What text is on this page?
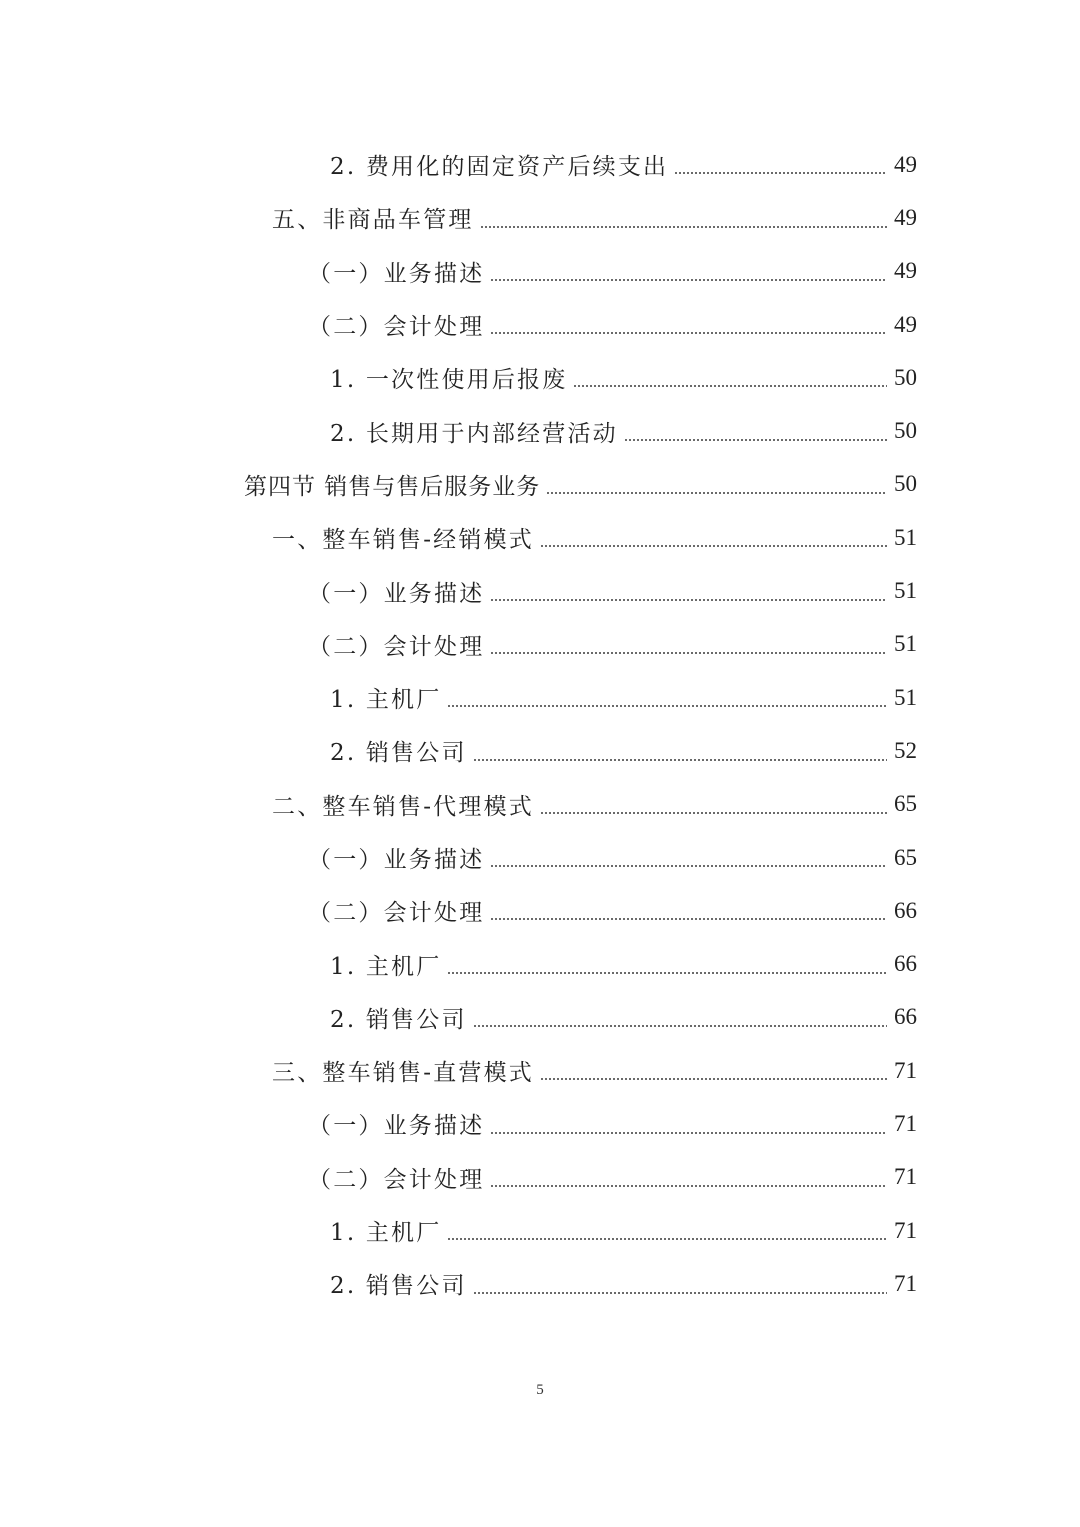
2. 费用化的固定资产后续支出	49
五、非商品车管理	49
（一）业务描述	49
（二）会计处理	49
1. 一次性使用后报废	50
2. 长期用于内部经营活动	50
第四节 销售与售后服务业务	50
一、整车销售-经销模式	51
（一）业务描述	51
（二）会计处理	51
1. 主机厂	51
2. 销售公司	52
二、整车销售-代理模式	65
（一）业务描述	65
（二）会计处理	66
1. 主机厂	66
2. 销售公司	66
三、整车销售-直营模式	71
（一）业务描述	71
（二）会计处理	71
1. 主机厂	71
2. 销售公司	71
5
